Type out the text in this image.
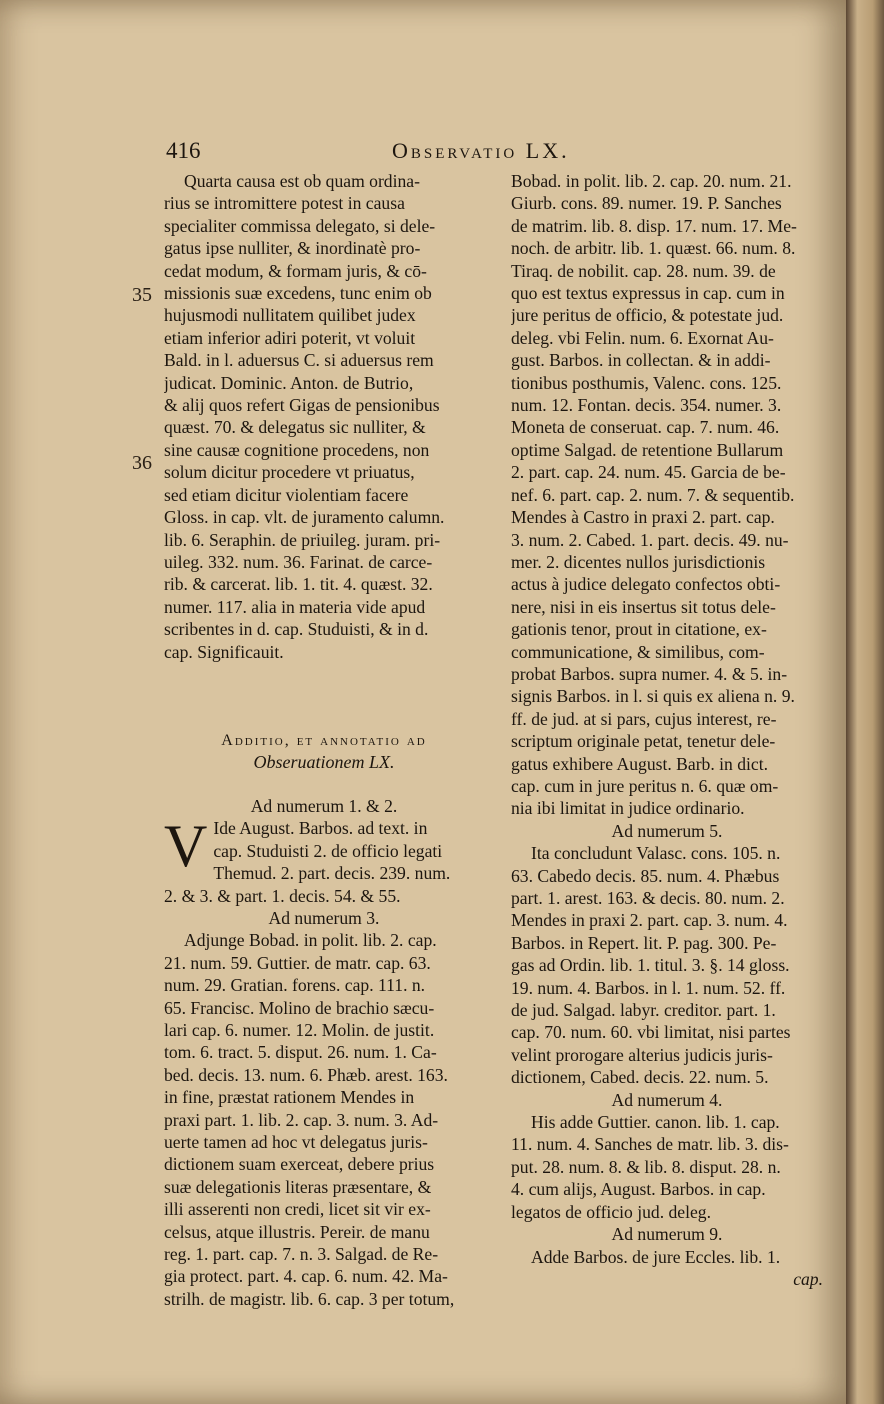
416	Observatio LX.
35
36
Quarta causa est ob quam ordina-
rius se intromittere potest in causa
specialiter commissa delegato, si dele-
gatus ipse nulliter, & inordinatè pro-
cedat modum, & formam juris, & cō-
missionis suæ excedens, tunc enim ob
hujusmodi nullitatem quilibet judex
etiam inferior adiri poterit, vt voluit
Bald. in l. aduersus C. si aduersus rem
judicat. Dominic. Anton. de Butrio,
& alij quos refert Gigas de pensionibus
quæst. 70. & delegatus sic nulliter, &
sine causæ cognitione procedens, non
solum dicitur procedere vt priuatus,
sed etiam dicitur violentiam facere
Gloss. in cap. vlt. de juramento calumn.
lib. 6. Seraphin. de priuileg. juram. pri-
uileg. 332. num. 36. Farinat. de carce-
rib. & carcerat. lib. 1. tit. 4. quæst. 32.
numer. 117. alia in materia vide apud
scribentes in d. cap. Studuisti, & in d.
cap. Significauit.
Additio, et annotatio ad
Obseruationem LX.
Ad numerum 1. & 2.
V Ide August. Barbos. ad text. in
cap. Studuisti 2. de officio legati
Themud. 2. part. decis. 239. num.
2. & 3. & part. 1. decis. 54. & 55.
Ad numerum 3.
Adjunge Bobad. in polit. lib. 2. cap.
21. num. 59. Guttier. de matr. cap. 63.
num. 29. Gratian. forens. cap. 111. n.
65. Francisc. Molino de brachio sæcu-
lari cap. 6. numer. 12. Molin. de justit.
tom. 6. tract. 5. disput. 26. num. 1. Ca-
bed. decis. 13. num. 6. Phæb. arest. 163.
in fine, præstat rationem Mendes in
praxi part. 1. lib. 2. cap. 3. num. 3. Ad-
uerte tamen ad hoc vt delegatus juris-
dictionem suam exerceat, debere prius
suæ delegationis literas præsentare, &
illi asserenti non credi, licet sit vir ex-
celsus, atque illustris. Pereir. de manu
reg. 1. part. cap. 7. n. 3. Salgad. de Re-
gia protect. part. 4. cap. 6. num. 42. Ma-
strilh. de magistr. lib. 6. cap. 3 per totum,
Bobad. in polit. lib. 2. cap. 20. num. 21.
Giurb. cons. 89. numer. 19. P. Sanches
de matrim. lib. 8. disp. 17. num. 17. Me-
noch. de arbitr. lib. 1. quæst. 66. num. 8.
Tiraq. de nobilit. cap. 28. num. 39. de
quo est textus expressus in cap. cum in
jure peritus de officio, & potestate jud.
deleg. vbi Felin. num. 6. Exornat Au-
gust. Barbos. in collectan. & in addi-
tionibus posthumis, Valenc. cons. 125.
num. 12. Fontan. decis. 354. numer. 3.
Moneta de conseruat. cap. 7. num. 46.
optime Salgad. de retentione Bullarum
2. part. cap. 24. num. 45. Garcia de be-
nef. 6. part. cap. 2. num. 7. & sequentib.
Mendes à Castro in praxi 2. part. cap.
3. num. 2. Cabed. 1. part. decis. 49. nu-
mer. 2. dicentes nullos jurisdictionis
actus à judice delegato confectos obti-
nere, nisi in eis insertus sit totus dele-
gationis tenor, prout in citatione, ex-
communicatione, & similibus, com-
probat Barbos. supra numer. 4. & 5. in-
signis Barbos. in l. si quis ex aliena n. 9.
ff. de jud. at si pars, cujus interest, re-
scriptum originale petat, tenetur dele-
gatus exhibere August. Barb. in dict.
cap. cum in jure peritus n. 6. quæ om-
nia ibi limitat in judice ordinario.
Ad numerum 5.
Ita concludunt Valasc. cons. 105. n.
63. Cabedo decis. 85. num. 4. Phæbus
part. 1. arest. 163. & decis. 80. num. 2.
Mendes in praxi 2. part. cap. 3. num. 4.
Barbos. in Repert. lit. P. pag. 300. Pe-
gas ad Ordin. lib. 1. titul. 3. §. 14 gloss.
19. num. 4. Barbos. in l. 1. num. 52. ff.
de jud. Salgad. labyr. creditor. part. 1.
cap. 70. num. 60. vbi limitat, nisi partes
velint prorogare alterius judicis juris-
dictionem, Cabed. decis. 22. num. 5.
Ad numerum 4.
His adde Guttier. canon. lib. 1. cap.
11. num. 4. Sanches de matr. lib. 3. dis-
put. 28. num. 8. & lib. 8. disput. 28. n.
4. cum alijs, August. Barbos. in cap.
legatos de officio jud. deleg.
Ad numerum 9.
Adde Barbos. de jure Eccles. lib. 1.
cap.
